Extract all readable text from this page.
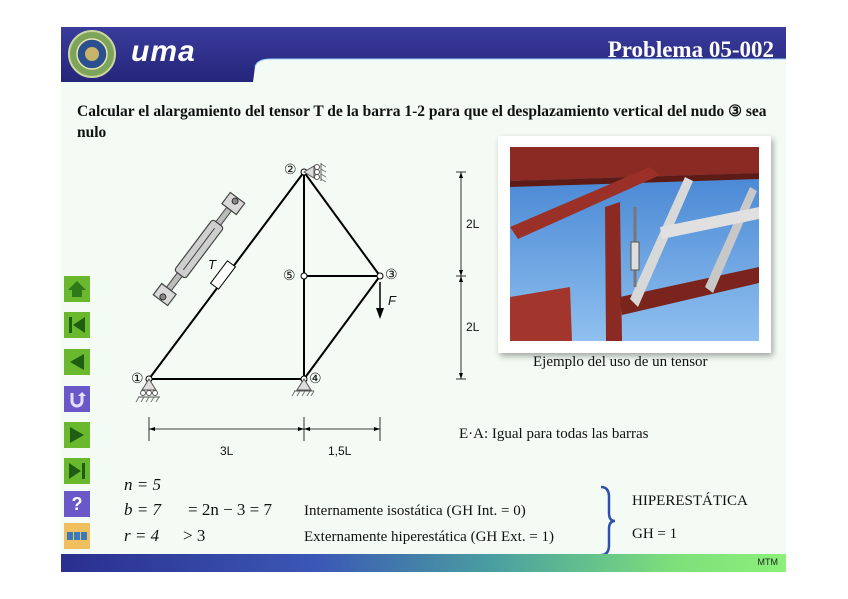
uma	Problema 05-002
Calcular el alargamiento del tensor T de la barra 1-2 para que el desplazamiento vertical del nudo ③ sea nulo
?
①
②
③
④
⑤
T
F
2L
2L
3L	1,5L
Ejemplo del uso de un tensor
E·A: Igual para todas las barras
n = 5
b = 7 = 2n − 3 = 7
r = 4 > 3
Internamente isostática (GH Int. = 0)
Externamente hiperestática (GH Ext. = 1)
HIPERESTÁTICA
GH = 1
MTM
